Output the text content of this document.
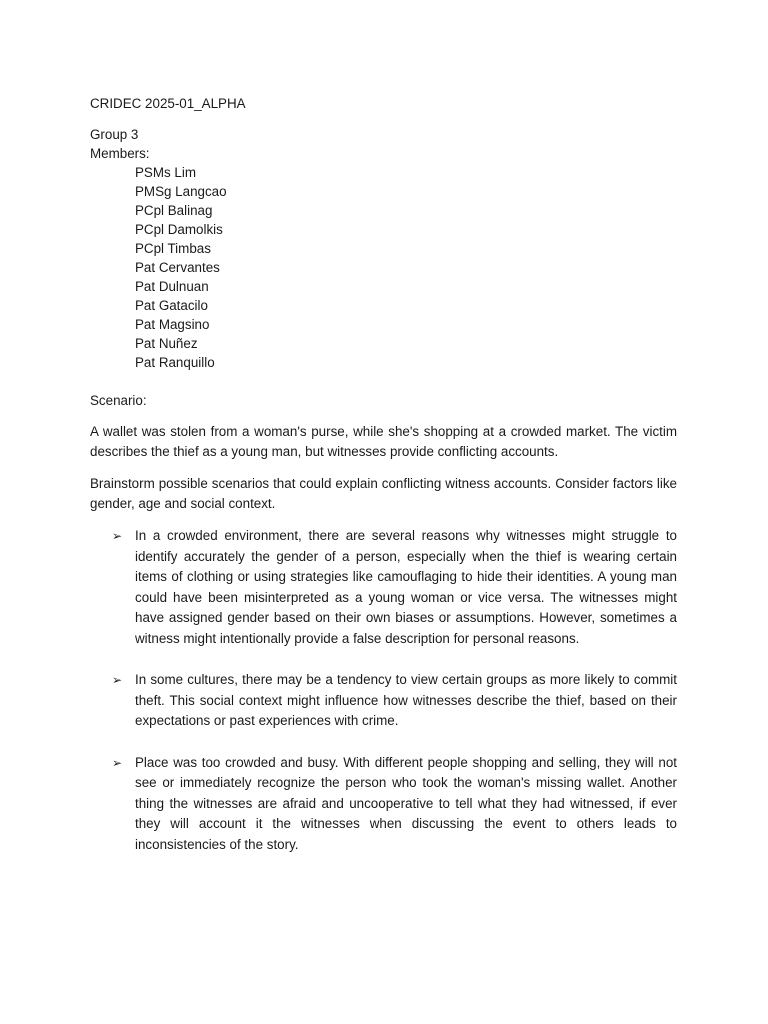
CRIDEC 2025-01_ALPHA

Group 3

Members:

PSMs Lim
PMSg Langcao
PCpl Balinag
PCpl Damolkis
PCpl Timbas
Pat Cervantes
Pat Dulnuan
Pat Gatacilo
Pat Magsino
Pat Nuñez
Pat Ranquillo

Scenario:

A wallet was stolen from a woman's purse, while she's shopping at a crowded market. The victim describes the thief as a young man, but witnesses provide conflicting accounts.

Brainstorm possible scenarios that could explain conflicting witness accounts. Consider factors like gender, age and social context.

➢ In a crowded environment, there are several reasons why witnesses might struggle to identify accurately the gender of a person, especially when the thief is wearing certain items of clothing or using strategies like camouflaging to hide their identities. A young man could have been misinterpreted as a young woman or vice versa. The witnesses might have assigned gender based on their own biases or assumptions. However, sometimes a witness might intentionally provide a false description for personal reasons.
➢ In some cultures, there may be a tendency to view certain groups as more likely to commit theft. This social context might influence how witnesses describe the thief, based on their expectations or past experiences with crime.
➢ Place was too crowded and busy. With different people shopping and selling, they will not see or immediately recognize the person who took the woman's missing wallet. Another thing the witnesses are afraid and uncooperative to tell what they had witnessed, if ever they will account it the witnesses when discussing the event to others leads to inconsistencies of the story.
